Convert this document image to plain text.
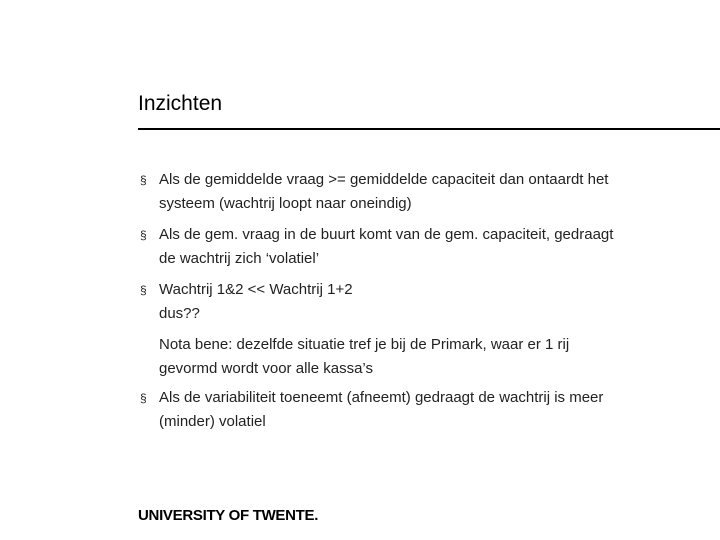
Inzichten
§ Als de gemiddelde vraag >= gemiddelde capaciteit dan ontaardt het
systeem (wachtrij loopt naar oneindig)
§ Als de gem. vraag in de buurt komt van de gem. capaciteit, gedraagt
de wachtrij zich ‘volatiel’
§ Wachtrij 1&2 << Wachtrij 1+2
dus??
Nota bene: dezelfde situatie tref je bij de Primark, waar er 1 rij
gevormd wordt voor alle kassa’s
§ Als de variabiliteit toeneemt (afneemt) gedraagt de wachtrij is meer
(minder) volatiel
UNIVERSITY OF TWENTE.
